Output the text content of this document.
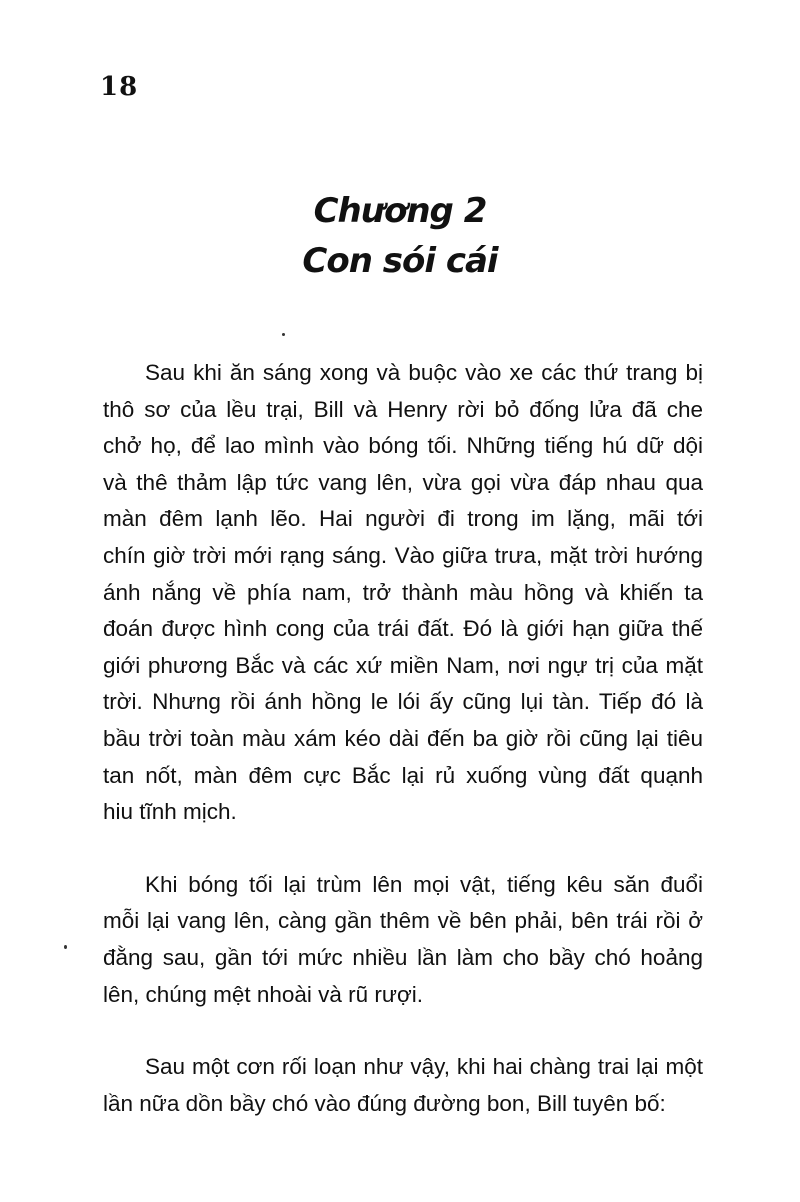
18
Chương 2
Con sói cái
Sau khi ăn sáng xong và buộc vào xe các thứ trang bị
thô sơ của lều trại, Bill và Henry rời bỏ đống lửa đã che
chở họ, để lao mình vào bóng tối. Những tiếng hú dữ dội
và thê thảm lập tức vang lên, vừa gọi vừa đáp nhau qua
màn đêm lạnh lẽo. Hai người đi trong im lặng, mãi tới
chín giờ trời mới rạng sáng. Vào giữa trưa, mặt trời hướng
ánh nắng về phía nam, trở thành màu hồng và khiến ta
đoán được hình cong của trái đất. Đó là giới hạn giữa thế
giới phương Bắc và các xứ miền Nam, nơi ngự trị của mặt
trời. Nhưng rồi ánh hồng le lói ấy cũng lụi tàn. Tiếp đó là
bầu trời toàn màu xám kéo dài đến ba giờ rồi cũng lại tiêu
tan nốt, màn đêm cực Bắc lại rủ xuống vùng đất quạnh
hiu tĩnh mịch.
Khi bóng tối lại trùm lên mọi vật, tiếng kêu săn đuổi
mỗi lại vang lên, càng gần thêm về bên phải, bên trái rồi ở
đằng sau, gần tới mức nhiều lần làm cho bầy chó hoảng
lên, chúng mệt nhoài và rũ rượi.
Sau một cơn rối loạn như vậy, khi hai chàng trai lại một
lần nữa dồn bầy chó vào đúng đường bon, Bill tuyên bố:
